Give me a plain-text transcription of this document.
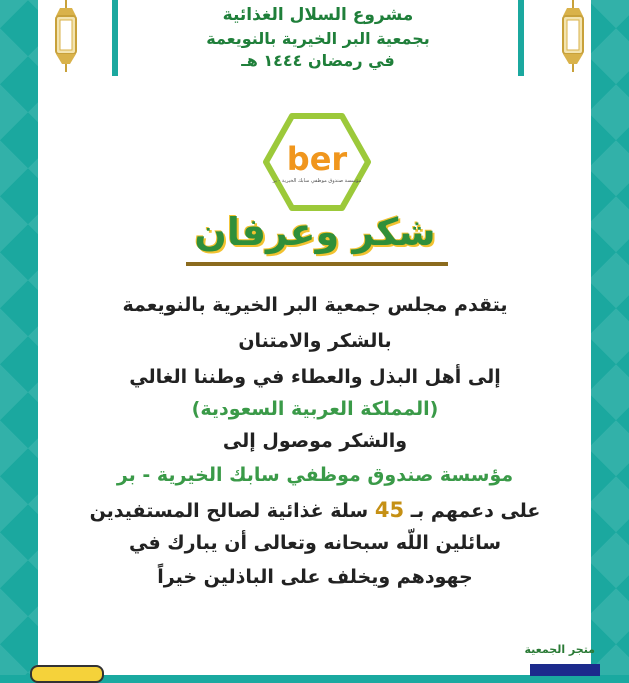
مشروع السلال الغذائية
بجمعية البر الخيرية بالنويعمة
في رمضان ١٤٤٤ هـ
ber
مؤسسة صندوق موظفي سابك الخيرية - بر
شكر وعرفان
يتقدم مجلس جمعية البر الخيرية بالنويعمة
بالشكر والامتنان
إلى أهل البذل والعطاء في وطننا الغالي
(المملكة العربية السعودية)
والشكر موصول إلى
مؤسسة صندوق موظفي سابك الخيرية - بر
على دعمهم بـ 45 سلة غذائية لصالح المستفيدين
سائلين اللّه سبحانه وتعالى أن يبارك في
جهودهم ويخلف على الباذلين خيراً
متجر الجمعية
